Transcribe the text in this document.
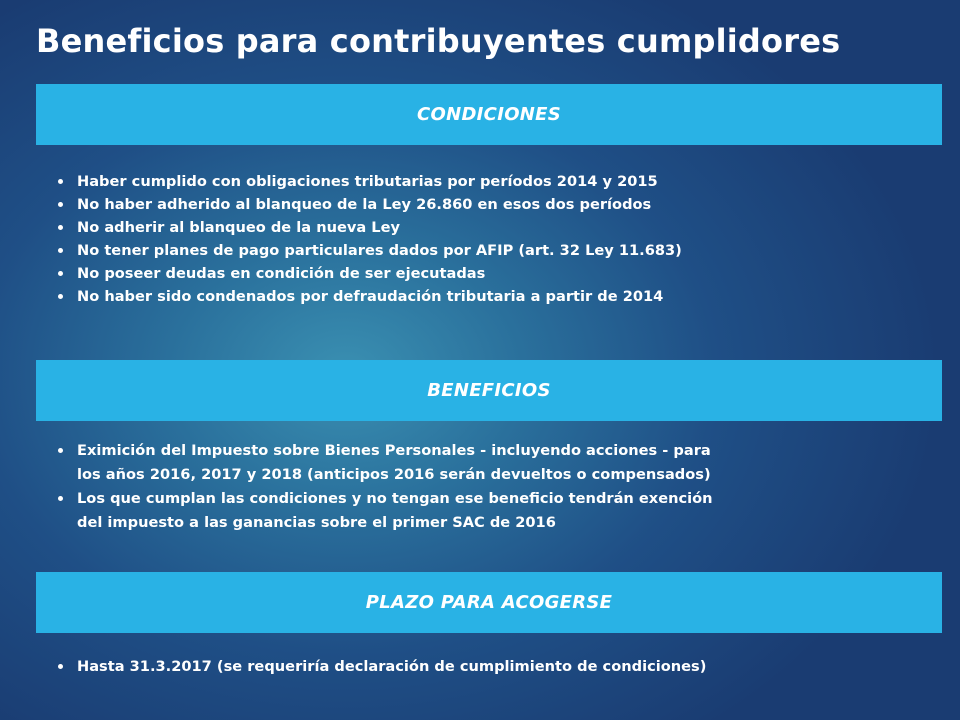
Beneficios para contribuyentes cumplidores
CONDICIONES
Haber cumplido con obligaciones tributarias por períodos 2014 y 2015
No haber adherido al blanqueo de la Ley 26.860 en esos dos períodos
No adherir al blanqueo de la nueva Ley
No tener planes de pago particulares dados por AFIP (art. 32 Ley 11.683)
No poseer deudas en condición de ser ejecutadas
No haber sido condenados por defraudación tributaria a partir de 2014
BENEFICIOS
Eximición del Impuesto sobre Bienes Personales - incluyendo acciones - para
los años 2016, 2017 y 2018 (anticipos 2016 serán devueltos o compensados)
Los que cumplan las condiciones y no tengan ese beneficio tendrán exención
del impuesto a las ganancias sobre el primer SAC de 2016
PLAZO PARA ACOGERSE
Hasta 31.3.2017 (se requeriría declaración de cumplimiento de condiciones)
